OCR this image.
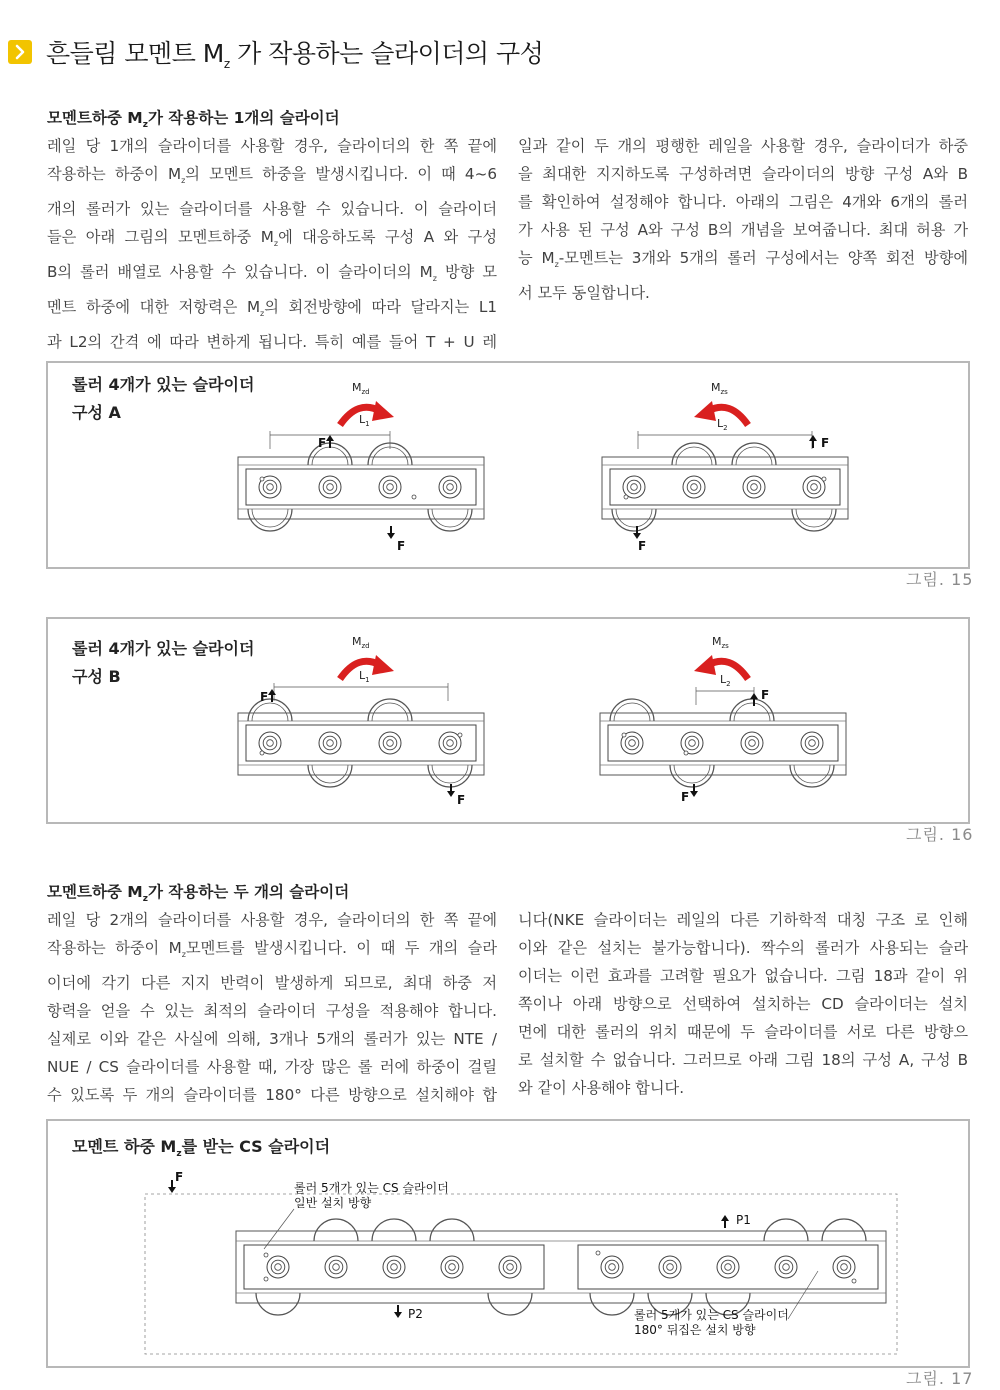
흔들림 모멘트 $M_z$ 가 작용하는 슬라이더의 구성
모멘트하중 $M_z$가 작용하는 1개의 슬라이더
레일 당 1개의 슬라이더를 사용할 경우, 슬라이더의 한 쪽 끝에
작용하는 하중이 $M_z$의 모멘트 하중을 발생시킵니다. 이 때 4~6
개의 롤러가 있는 슬라이더를 사용할 수 있습니다. 이 슬라이더
들은 아래 그림의 모멘트하중 $M_z$에 대응하도록 구성 A 와 구성
B의 롤러 배열로 사용할 수 있습니다. 이 슬라이더의 $M_z$ 방향 모
멘트 하중에 대한 저항력은 $M_z$의 회전방향에 따라 달라지는 L1
과 L2의 간격 에 따라 변하게 됩니다. 특히 예를 들어 T + U 레
일과 같이 두 개의 평행한 레일을 사용할 경우, 슬라이더가 하중
을 최대한 지지하도록 구성하려면 슬라이더의 방향 구성 A와 B
를 확인하여 설정해야 합니다. 아래의 그림은 4개와 6개의 롤러
가 사용 된 구성 A와 구성 B의 개념을 보여줍니다. 최대 허용 가
능 $M_z-$모멘트는 3개와 5개의 롤러 구성에서는 양쪽 회전 방향에
서 모두 동일합니다.
롤러 4개가 있는 슬라이더
구성 A
$M_{zd}$
$L_1$
F
F
$M_{zs}$
$L_2$
F
F
그림. 15
롤러 4개가 있는 슬라이더
구성 B
$M_{zd}$
$L_1$
F
F
$M_{zs}$
$L_2$
F
F
그림. 16
모멘트하중 $M_z$가 작용하는 두 개의 슬라이더
레일 당 2개의 슬라이더를 사용할 경우, 슬라이더의 한 쪽 끝에
작용하는 하중이 $M_z$모멘트를 발생시킵니다. 이 때 두 개의 슬라
이더에 각기 다른 지지 반력이 발생하게 되므로, 최대 하중 저
항력을 얻을 수 있는 최적의 슬라이더 구성을 적용해야 합니다.
실제로 이와 같은 사실에 의해, 3개나 5개의 롤러가 있는 NTE /
NUE / CS 슬라이더를 사용할 때, 가장 많은 롤 러에 하중이 걸릴
수 있도록 두 개의 슬라이더를 180° 다른 방향으로 설치해야 합
니다(NKE 슬라이더는 레일의 다른 기하학적 대칭 구조 로 인해
이와 같은 설치는 불가능합니다). 짝수의 롤러가 사용되는 슬라
이더는 이런 효과를 고려할 필요가 없습니다. 그림 18과 같이 위
쪽이나 아래 방향으로 선택하여 설치하는 CD 슬라이더는 설치
면에 대한 롤러의 위치 때문에 두 슬라이더를 서로 다른 방향으
로 설치할 수 없습니다. 그러므로 아래 그림 18의 구성 A, 구성 B
와 같이 사용해야 합니다.
모멘트 하중 $M_z$를 받는 CS 슬라이더
롤러 5개가 있는 CS 슬라이더
일반 설치 방향
롤러 5개가 있는 CS 슬라이더
180° 뒤집은 설치 방향
F
P1
P2
그림. 17
